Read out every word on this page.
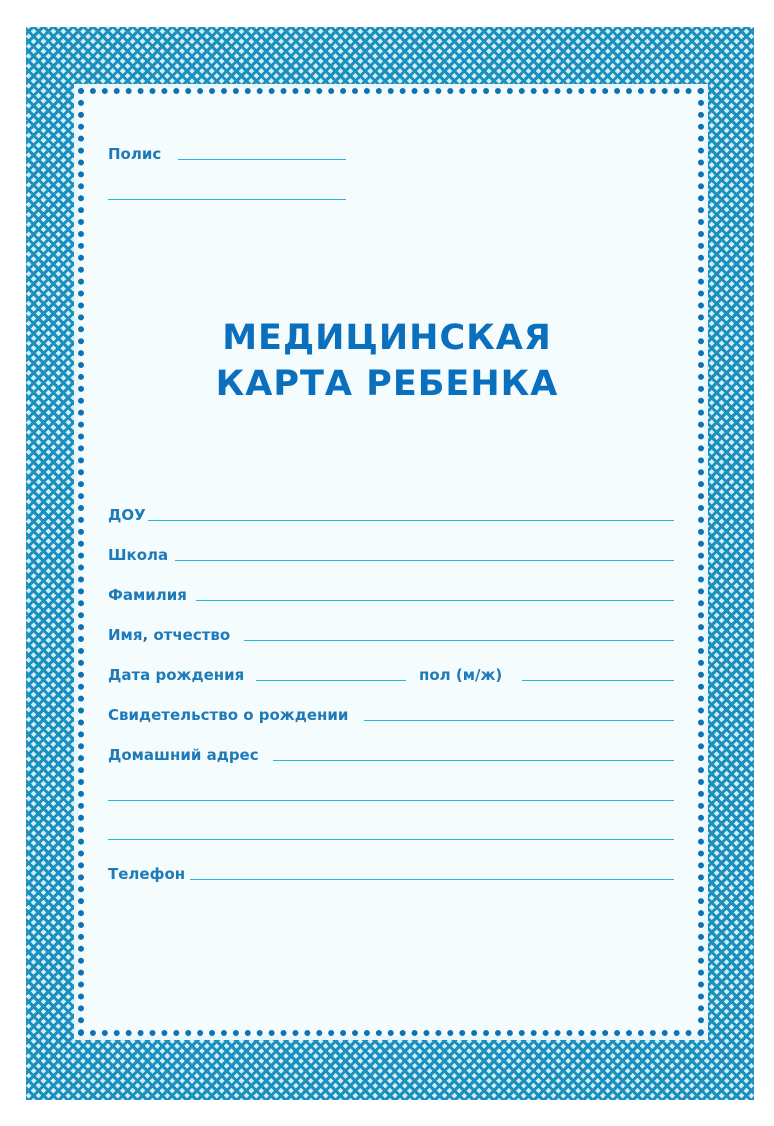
Полис
МЕДИЦИНСКАЯ
КАРТА РЕБЕНКА
ДОУ
Школа
Фамилия
Имя, отчество
Дата рождения	пол (м/ж)
Свидетельство о рождении
Домашний адрес
Телефон
